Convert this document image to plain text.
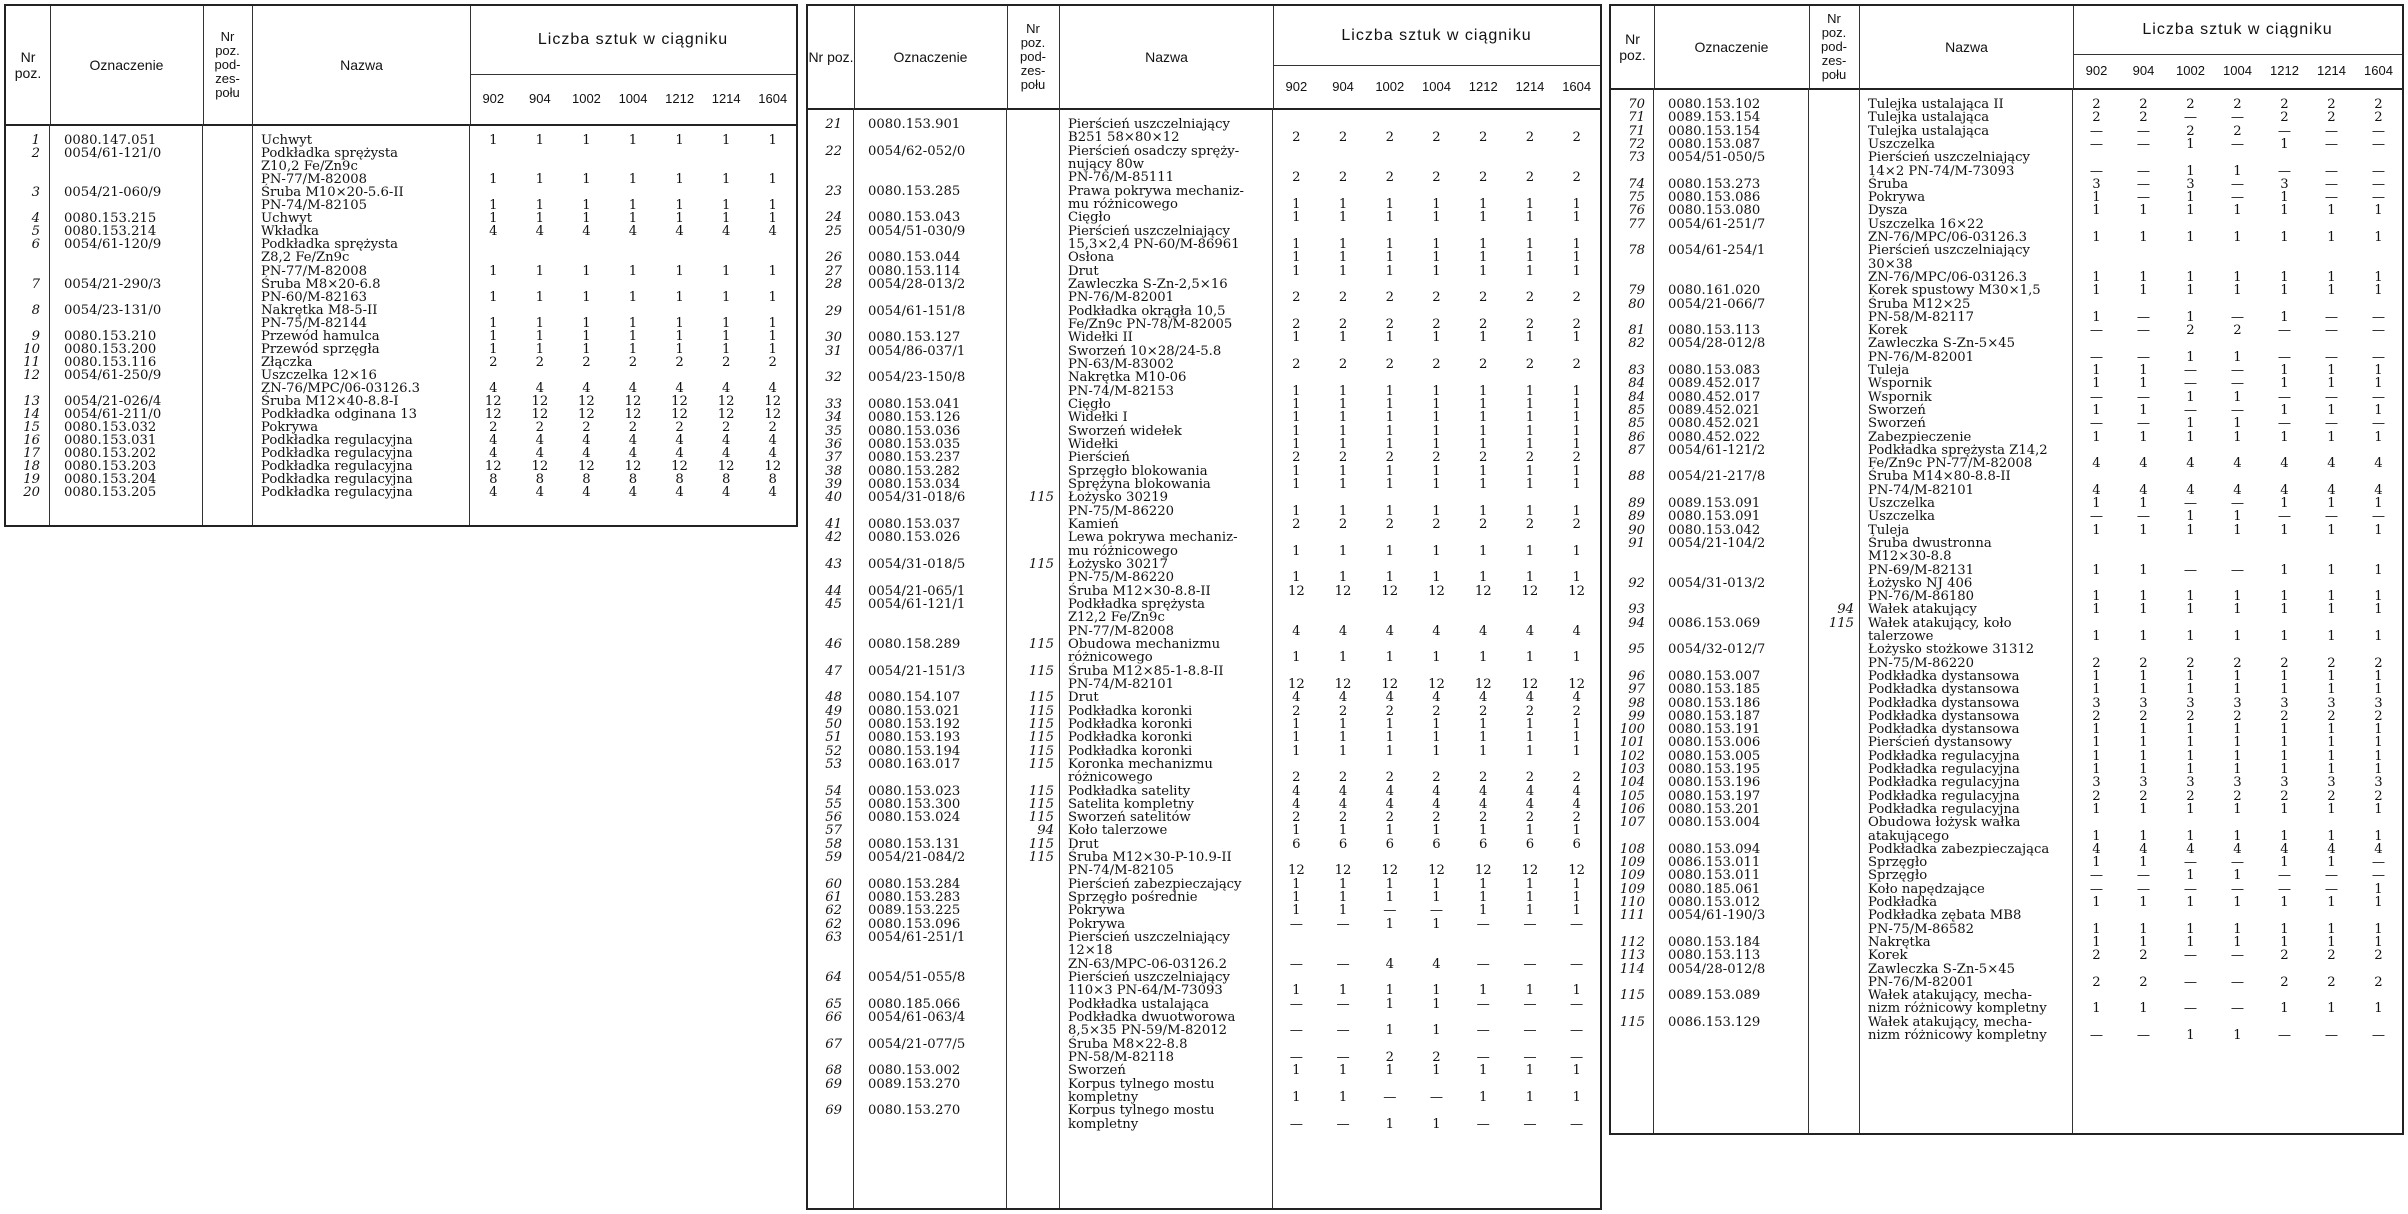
Nr poz.	Oznaczenie
Nr poz. pod- zes- połu
Nazwa
Liczba sztuk w ciągniku
902	904	1002	1004	1212	1214	1604
1 0080.147.051	Uchwyt	1	1	1	1	1	1	1
2 0054/61-121/0	Podkładka sprężysta
Z10,2 Fe/Zn9c
PN-77/M-82008	1	1	1	1	1	1	1
3 0054/21-060/9	Śruba M10×20-5.6-II
PN-74/M-82105	1	1	1	1	1	1	1
4 0080.153.215	Uchwyt	1	1	1	1	1	1	1
5 0080.153.214	Wkładka	4	4	4	4	4	4	4
6 0054/61-120/9	Podkładka sprężysta
Z8,2 Fe/Zn9c
PN-77/M-82008	1	1	1	1	1	1	1
7 0054/21-290/3	Śruba M8×20-6.8
PN-60/M-82163	1	1	1	1	1	1	1
8 0054/23-131/0	Nakrętka M8-5-II
PN-75/M-82144	1	1	1	1	1	1	1
9 0080.153.210	Przewód hamulca	1	1	1	1	1	1	1
10 0080.153.200	Przewód sprzęgła	1	1	1	1	1	1	1
11 0080.153.116	Złączka	2	2	2	2	2	2	2
12 0054/61-250/9	Uszczelka 12×16
ZN-76/MPC/06-03126.3	4	4	4	4	4	4	4
13 0054/21-026/4	Śruba M12×40-8.8-I	12	12	12	12	12	12	12
14 0054/61-211/0	Podkładka odginana 13	12	12	12	12	12	12	12
15 0080.153.032	Pokrywa	2	2	2	2	2	2	2
16 0080.153.031	Podkładka regulacyjna	4	4	4	4	4	4	4
17 0080.153.202	Podkładka regulacyjna	4	4	4	4	4	4	4
18 0080.153.203	Podkładka regulacyjna	12	12	12	12	12	12	12
19 0080.153.204	Podkładka regulacyjna	8	8	8	8	8	8	8
20 0080.153.205	Podkładka regulacyjna	4	4	4	4	4	4	4
Nr poz.	Oznaczenie
Nr poz. pod- zes- połu
Nazwa
Liczba sztuk w ciągniku
902	904	1002	1004	1212	1214	1604
21 0080.153.901	Pierścień uszczelniający
B251 58×80×12	2	2	2	2	2	2	2
22 0054/62-052/0	Pierścień osadczy spręży-
nujący 80w
PN-76/M-85111	2	2	2	2	2	2	2
23 0080.153.285	Prawa pokrywa mechaniz-
mu różnicowego	1	1	1	1	1	1	1
24 0080.153.043	Cięgło	1	1	1	1	1	1	1
25 0054/51-030/9	Pierścień uszczelniający
15,3×2,4 PN-60/M-86961	1	1	1	1	1	1	1
26 0080.153.044	Osłona	1	1	1	1	1	1	1
27 0080.153.114	Drut	1	1	1	1	1	1	1
28 0054/28-013/2	Zawleczka S-Zn-2,5×16
PN-76/M-82001	2	2	2	2	2	2	2
29 0054/61-151/8	Podkładka okrągła 10,5
Fe/Zn9c PN-78/M-82005	2	2	2	2	2	2	2
30 0080.153.127	Widełki II	1	1	1	1	1	1	1
31 0054/86-037/1	Sworzeń 10×28/24-5.8
PN-63/M-83002	2	2	2	2	2	2	2
32 0054/23-150/8	Nakrętka M10-06
PN-74/M-82153	1	1	1	1	1	1	1
33 0080.153.041	Cięgło	1	1	1	1	1	1	1
34 0080.153.126	Widełki I	1	1	1	1	1	1	1
35 0080.153.036	Sworzeń widełek	1	1	1	1	1	1	1
36 0080.153.035	Widełki	1	1	1	1	1	1	1
37 0080.153.237	Pierścień	2	2	2	2	2	2	2
38 0080.153.282	Sprzęgło blokowania	1	1	1	1	1	1	1
39 0080.153.034	Sprężyna blokowania	1	1	1	1	1	1	1
40 0054/31-018/6	115 Łożysko 30219
PN-75/M-86220	1	1	1	1	1	1	1
41 0080.153.037	Kamień	2	2	2	2	2	2	2
42 0080.153.026	Lewa pokrywa mechaniz-
mu różnicowego	1	1	1	1	1	1	1
43 0054/31-018/5	115 Łożysko 30217
PN-75/M-86220	1	1	1	1	1	1	1
44 0054/21-065/1	Śruba M12×30-8.8-II	12	12	12	12	12	12	12
45 0054/61-121/1	Podkładka sprężysta
Z12,2 Fe/Zn9c
PN-77/M-82008	4	4	4	4	4	4	4
46 0080.158.289	115 Obudowa mechanizmu
różnicowego	1	1	1	1	1	1	1
47 0054/21-151/3	115 Śruba M12×85-1-8.8-II
PN-74/M-82101	12	12	12	12	12	12	12
48 0080.154.107	115 Drut	4	4	4	4	4	4	4
49 0080.153.021	115 Podkładka koronki	2	2	2	2	2	2	2
50 0080.153.192	115 Podkładka koronki	1	1	1	1	1	1	1
51 0080.153.193	115 Podkładka koronki	1	1	1	1	1	1	1
52 0080.153.194	115 Podkładka koronki	1	1	1	1	1	1	1
53 0080.163.017	115 Koronka mechanizmu
różnicowego	2	2	2	2	2	2	2
54 0080.153.023	115 Podkładka satelity	4	4	4	4	4	4	4
55 0080.153.300	115 Satelita kompletny	4	4	4	4	4	4	4
56 0080.153.024	115 Sworzeń satelitów	2	2	2	2	2	2	2
57	94 Koło talerzowe	1	1	1	1	1	1	1
58 0080.153.131	115 Drut	6	6	6	6	6	6	6
59 0054/21-084/2	115 Śruba M12×30-P-10.9-II
PN-74/M-82105	12	12	12	12	12	12	12
60 0080.153.284	Pierścień zabezpieczający	1	1	1	1	1	1	1
61 0080.153.283	Sprzęgło pośrednie	1	1	1	1	1	1	1
62 0089.153.225	Pokrywa	1	1	—	—	1	1	1
62 0080.153.096	Pokrywa	—	—	1	1	—	—	—
63 0054/61-251/1	Pierścień uszczelniający
12×18
ZN-63/MPC-06-03126.2	—	—	4	4	—	—	—
64 0054/51-055/8	Pierścień uszczelniający
110×3 PN-64/M-73093	1	1	1	1	1	1	1
65 0080.185.066	Podkładka ustalająca	—	—	1	1	—	—	—
66 0054/61-063/4	Podkładka dwuotworowa
8,5×35 PN-59/M-82012	—	—	1	1	—	—	—
67 0054/21-077/5	Śruba M8×22-8.8
PN-58/M-82118	—	—	2	2	—	—	—
68 0080.153.002	Sworzeń	1	1	1	1	1	1	1
69 0089.153.270	Korpus tylnego mostu
kompletny	1	1	—	—	1	1	1
69 0080.153.270	Korpus tylnego mostu
kompletny	—	—	1	1	—	—	—
Nr poz.	Oznaczenie
Nr poz. pod- zes- połu
Nazwa
Liczba sztuk w ciągniku
902	904	1002	1004	1212	1214	1604
70 0080.153.102	Tulejka ustalająca II	2	2	2	2	2	2	2
71 0089.153.154	Tulejka ustalająca	2	2	—	—	2	2	2
71 0080.153.154	Tulejka ustalająca	—	—	2	2	—	—	—
72 0080.153.087	Uszczelka	—	—	1	—	1	—	—
73 0054/51-050/5	Pierścień uszczelniający
14×2 PN-74/M-73093	—	—	1	1	—	—	—
74 0080.153.273	Śruba	3	—	3	—	3	—	—
75 0080.153.086	Pokrywa	1	—	1	—	1	—	—
76 0080.153.080	Dysza	1	1	1	1	1	1	1
77 0054/61-251/7	Uszczelka 16×22
ZN-76/MPC/06-03126.3	1	1	1	1	1	1	1
78 0054/61-254/1	Pierścień uszczelniający
30×38
ZN-76/MPC/06-03126.3	1	1	1	1	1	1	1
79 0080.161.020	Korek spustowy M30×1,5	1	1	1	1	1	1	1
80 0054/21-066/7	Śruba M12×25
PN-58/M-82117	1	—	1	—	1	—	—
81 0080.153.113	Korek	—	—	2	2	—	—	—
82 0054/28-012/8	Zawleczka S-Zn-5×45
PN-76/M-82001	—	—	1	1	—	—	—
83 0080.153.083	Tuleja	1	1	—	—	1	1	1
84 0089.452.017	Wspornik	1	1	—	—	1	1	1
84 0080.452.017	Wspornik	—	—	1	1	—	—	—
85 0089.452.021	Sworzeń	1	1	—	—	1	1	1
85 0080.452.021	Sworzeń	—	—	1	1	—	—	—
86 0080.452.022	Zabezpieczenie	1	1	1	1	1	1	1
87 0054/61-121/2	Podkładka sprężysta Z14,2
Fe/Zn9c PN-77/M-82008	4	4	4	4	4	4	4
88 0054/21-217/8	Śruba M14×80-8.8-II
PN-74/M-82101	4	4	4	4	4	4	4
89 0089.153.091	Uszczelka	1	1	—	—	1	1	1
89 0080.153.091	Uszczelka	—	—	1	1	—	—	—
90 0080.153.042	Tuleja	1	1	1	1	1	1	1
91 0054/21-104/2	Śruba dwustronna
M12×30-8.8
PN-69/M-82131	1	1	—	—	1	1	1
92 0054/31-013/2	Łożysko NJ 406
PN-76/M-86180	1	1	1	1	1	1	1
93	94 Wałek atakujący	1	1	1	1	1	1	1
94 0086.153.069	115 Wałek atakujący, koło
talerzowe	1	1	1	1	1	1	1
95 0054/32-012/7	Łożysko stożkowe 31312
PN-75/M-86220	2	2	2	2	2	2	2
96 0080.153.007	Podkładka dystansowa	1	1	1	1	1	1	1
97 0080.153.185	Podkładka dystansowa	1	1	1	1	1	1	1
98 0080.153.186	Podkładka dystansowa	3	3	3	3	3	3	3
99 0080.153.187	Podkładka dystansowa	2	2	2	2	2	2	2
100 0080.153.191	Podkładka dystansowa	1	1	1	1	1	1	1
101 0080.153.006	Pierścień dystansowy	1	1	1	1	1	1	1
102 0080.153.005	Podkładka regulacyjna	1	1	1	1	1	1	1
103 0080.153.195	Podkładka regulacyjna	1	1	1	1	1	1	1
104 0080.153.196	Podkładka regulacyjna	3	3	3	3	3	3	3
105 0080.153.197	Podkładka regulacyjna	2	2	2	2	2	2	2
106 0080.153.201	Podkładka regulacyjna	1	1	1	1	1	1	1
107 0080.153.004	Obudowa łożysk wałka
atakującego	1	1	1	1	1	1	1
108 0080.153.094	Podkładka zabezpieczająca	4	4	4	4	4	4	4
109 0086.153.011	Sprzęgło	1	1	—	—	1	1	—
109 0080.153.011	Sprzęgło	—	—	1	1	—	—	—
109 0080.185.061	Koło napędzające	—	—	—	—	—	—	1
110 0080.153.012	Podkładka	1	1	1	1	1	1	1
111 0054/61-190/3	Podkładka zębata MB8
PN-75/M-86582	1	1	1	1	1	1	1
112 0080.153.184	Nakrętka	1	1	1	1	1	1	1
113 0080.153.113	Korek	2	2	—	—	2	2	2
114 0054/28-012/8	Zawleczka S-Zn-5×45
PN-76/M-82001	2	2	—	—	2	2	2
115 0089.153.089	Wałek atakujący, mecha-
nizm różnicowy kompletny	1	1	—	—	1	1	1
115 0086.153.129	Wałek atakujący, mecha-
nizm różnicowy kompletny	—	—	1	1	—	—	—
